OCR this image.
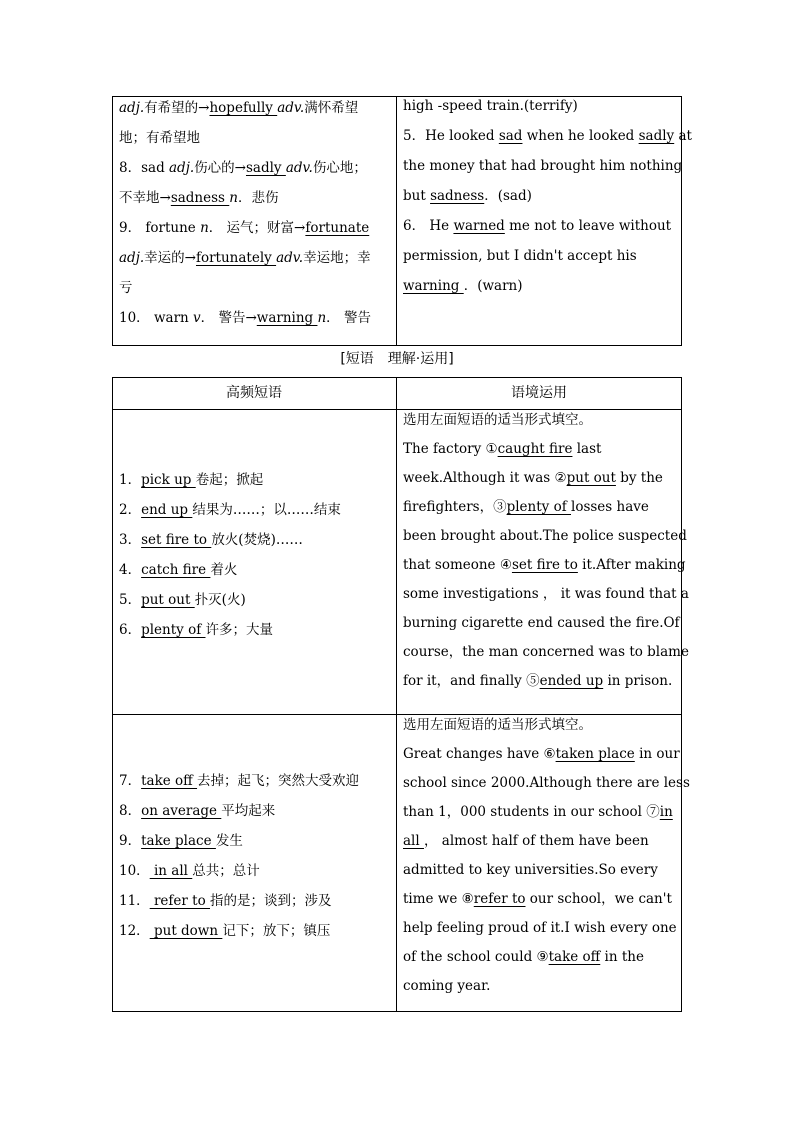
adj.有希望的→hopefully adv.满怀希望
地；有希望地
8．sad adj.伤心的→sadly adv.伤心地；
不幸地→sadness n．悲伤
9． fortune n． 运气；财富→fortunate
adj.幸运的→fortunately adv.幸运地；幸
亏
10． warn v． 警告→warning n． 警告
high -speed train.(terrify)
5．He looked sad when he looked sadly at
the money that had brought him nothing
but sadness．(sad)
6． He warned me not to leave without
permission, but I didn't accept his
warning ．(warn)
[短语　理解·运用]
高频短语	语境运用
1．pick up 卷起；掀起
2．end up 结果为……；以……结束
3．set fire to 放火(焚烧)……
4．catch fire 着火
5．put out 扑灭(火)
6．plenty of 许多；大量
选用左面短语的适当形式填空。
The factory ①caught fire last
week.Although it was ②put out by the
firefighters，③plenty of losses have
been brought about.The police suspected
that someone ④set fire to it.After making
some investigations ， it was found that a
burning cigarette end caused the fire.Of
course，the man concerned was to blame
for it，and finally ⑤ended up in prison.
7．take off 去掉；起飞；突然大受欢迎
8．on average 平均起来
9．take place 发生
10． in all 总共；总计
11． refer to 指的是；谈到；涉及
12． put down 记下；放下；镇压
选用左面短语的适当形式填空。
Great changes have ⑥taken place in our
school since 2000.Although there are less
than 1，000 students in our school ⑦in
all ， almost half of them have been
admitted to key universities.So every
time we ⑧refer to our school，we can't
help feeling proud of it.I wish every one
of the school could ⑨take off in the
coming year.
